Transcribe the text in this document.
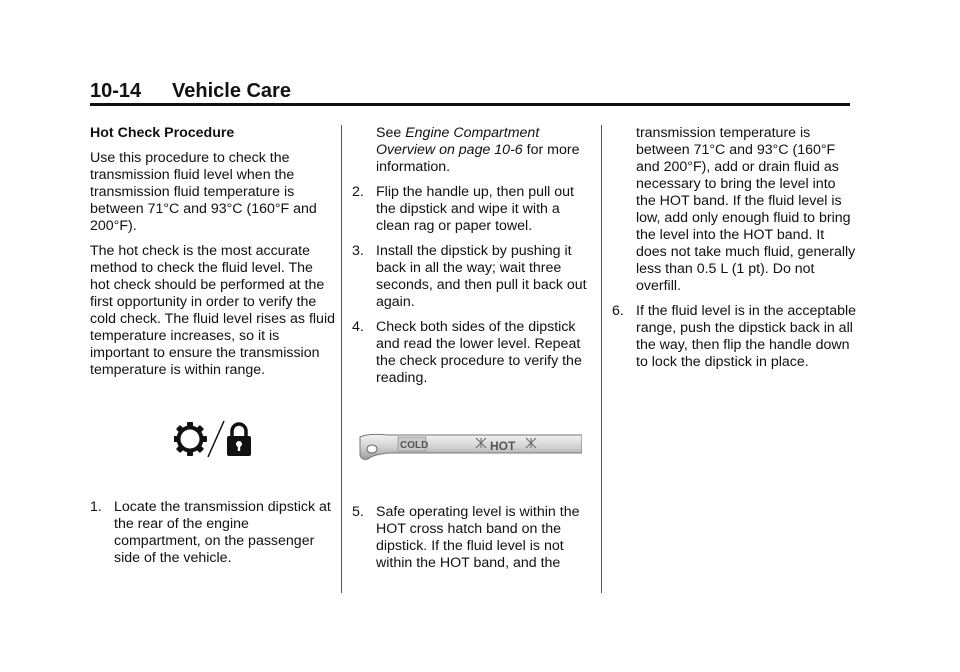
10-14 Vehicle Care

Hot Check Procedure

Use this procedure to check the transmission fluid level when the transmission fluid temperature is between 71°C and 93°C (160°F and 200°F).

The hot check is the most accurate method to check the fluid level. The hot check should be performed at the first opportunity in order to verify the cold check. The fluid level rises as fluid temperature increases, so it is important to ensure the transmission temperature is within range.

1. Locate the transmission dipstick at the rear of the engine compartment, on the passenger side of the vehicle.

See Engine Compartment Overview on page 10-6 for more information.

2. Flip the handle up, then pull out the dipstick and wipe it with a clean rag or paper towel.
3. Install the dipstick by pushing it back in all the way; wait three seconds, and then pull it back out again.
4. Check both sides of the dipstick and read the lower level. Repeat the check procedure to verify the reading.
COLD	HOT
5. Safe operating level is within the HOT cross hatch band on the dipstick. If the fluid level is not within the HOT band, and the

transmission temperature is between 71°C and 93°C (160°F and 200°F), add or drain fluid as necessary to bring the level into the HOT band. If the fluid level is low, add only enough fluid to bring the level into the HOT band. It does not take much fluid, generally less than 0.5 L (1 pt). Do not overfill.

6. If the fluid level is in the acceptable range, push the dipstick back in all the way, then flip the handle down to lock the dipstick in place.
